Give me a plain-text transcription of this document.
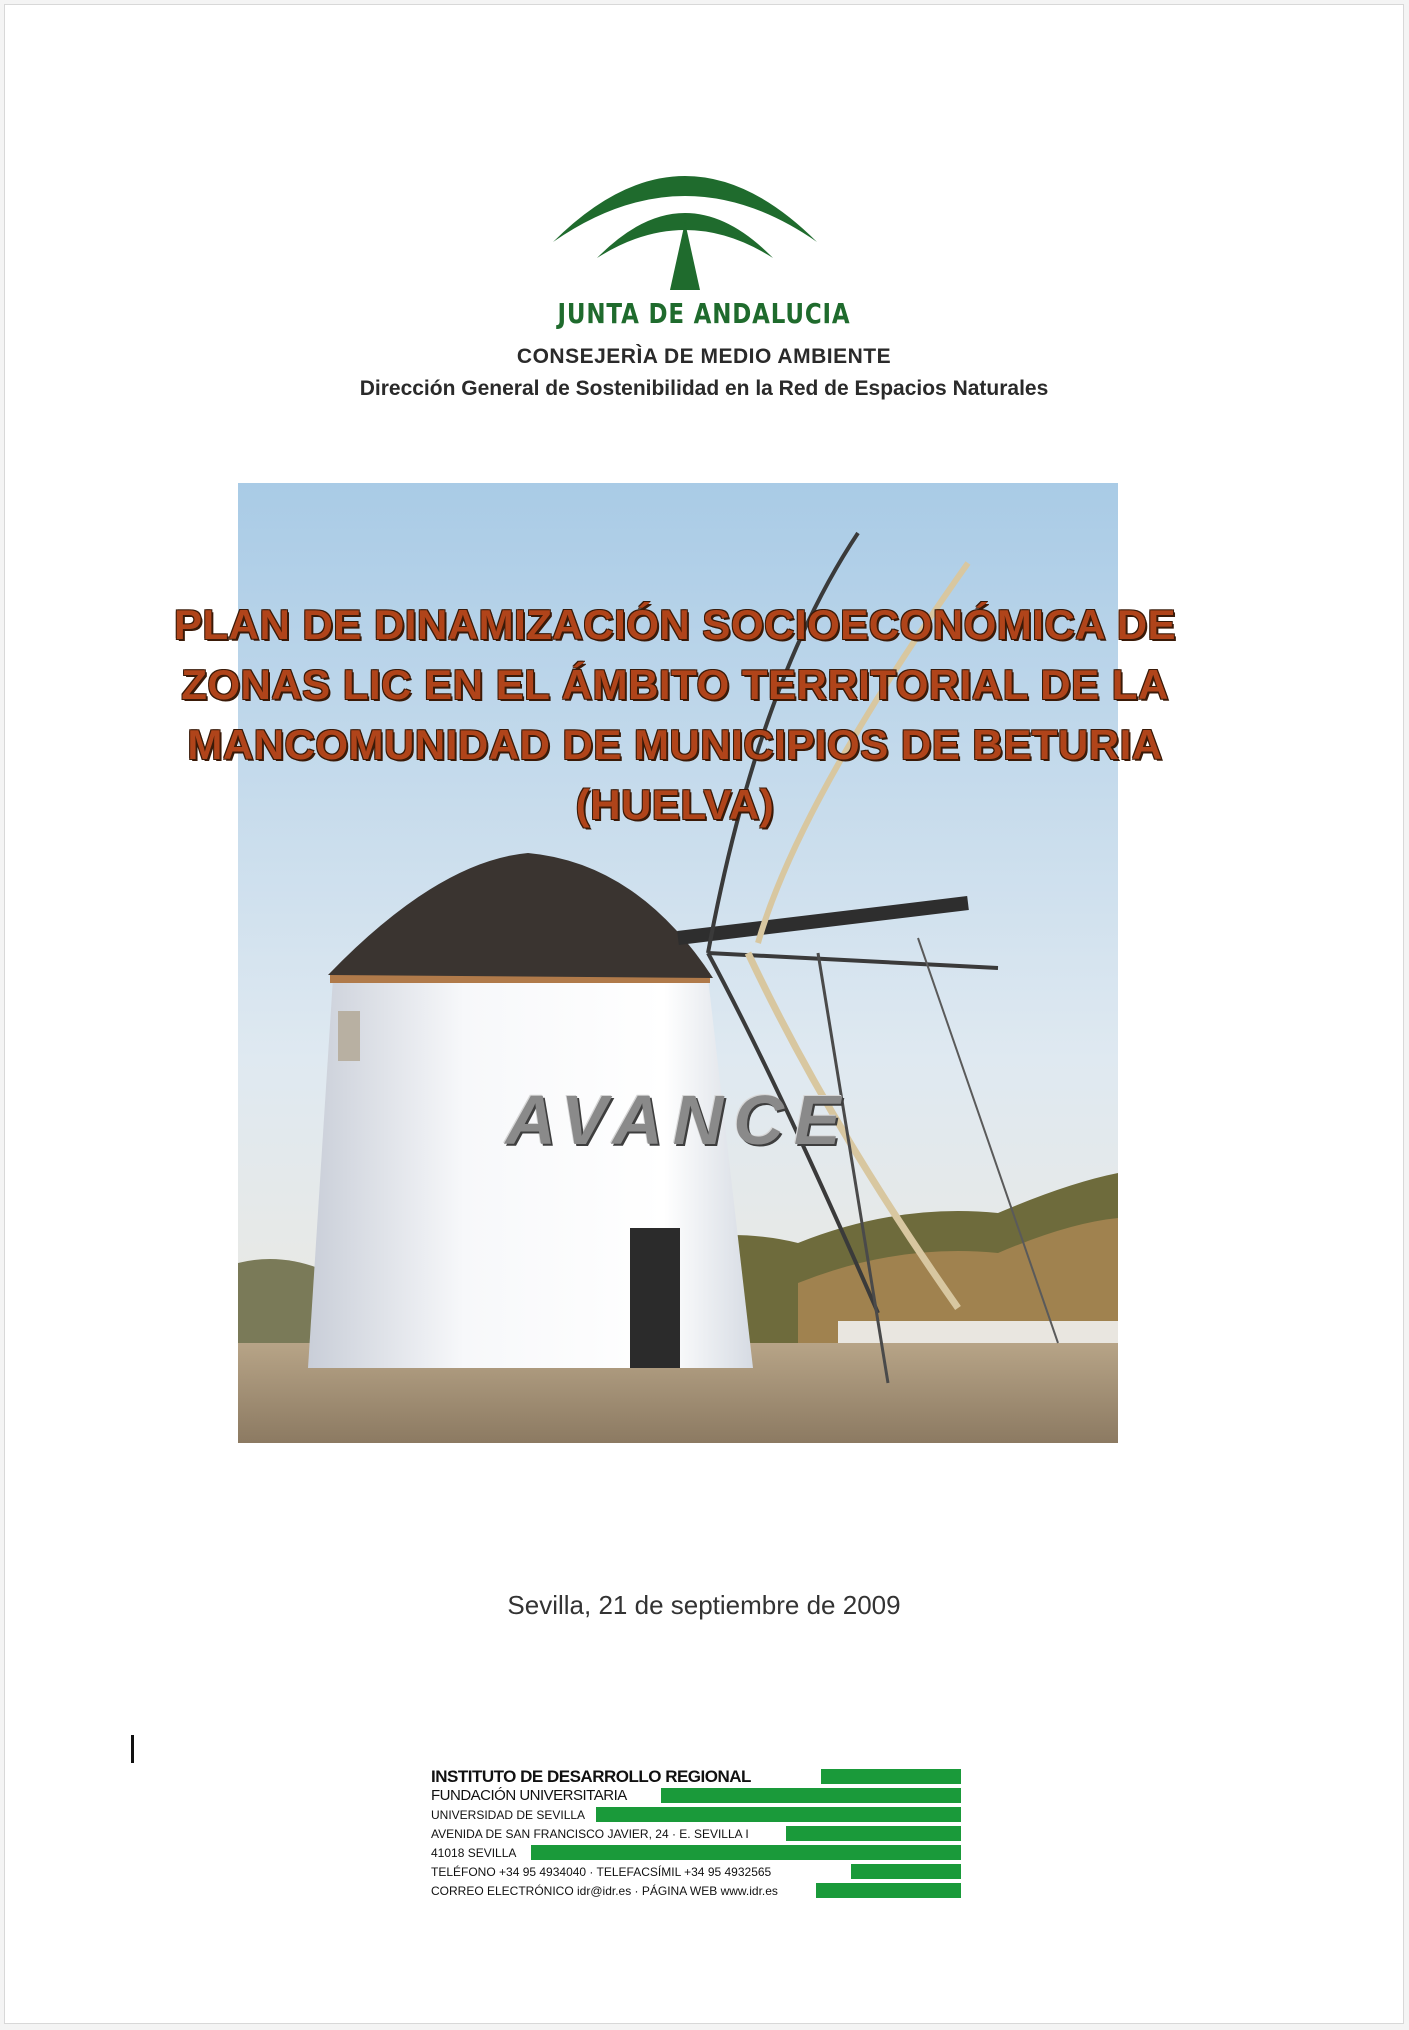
JUNTA DE ANDALUCIA
CONSEJERÌA DE MEDIO AMBIENTE
Dirección General de Sostenibilidad en la Red de Espacios Naturales
PLAN DE DINAMIZACIÓN SOCIOECONÓMICA DE
ZONAS LIC EN EL ÁMBITO TERRITORIAL DE LA
MANCOMUNIDAD DE MUNICIPIOS DE BETURIA
(HUELVA)
AVANCE
Sevilla, 21 de septiembre de 2009
INSTITUTO DE DESARROLLO REGIONAL
FUNDACIÓN UNIVERSITARIA
UNIVERSIDAD DE SEVILLA
AVENIDA DE SAN FRANCISCO JAVIER, 24 · E. SEVILLA I
41018 SEVILLA
TELÉFONO +34 95 4934040 · TELEFACSÍMIL +34 95 4932565
CORREO ELECTRÓNICO idr@idr.es · PÁGINA WEB www.idr.es
